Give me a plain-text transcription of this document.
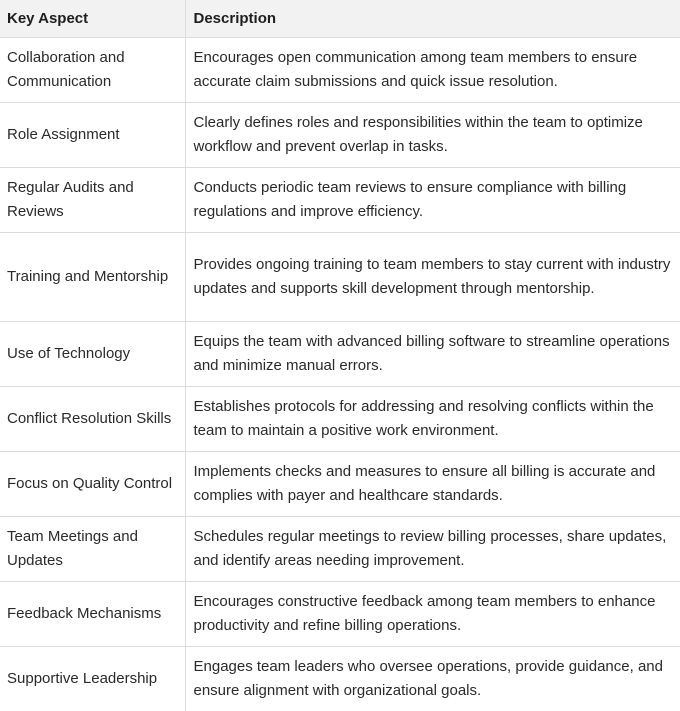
Key Aspect	Description
Collaboration and Communication	Encourages open communication among team members to ensure accurate claim submissions and quick issue resolution.
Role Assignment	Clearly defines roles and responsibilities within the team to optimize workflow and prevent overlap in tasks.
Regular Audits and Reviews	Conducts periodic team reviews to ensure compliance with billing regulations and improve efficiency.
Training and Mentorship	Provides ongoing training to team members to stay current with industry updates and supports skill development through mentorship.
Use of Technology	Equips the team with advanced billing software to streamline operations and minimize manual errors.
Conflict Resolution Skills	Establishes protocols for addressing and resolving conflicts within the team to maintain a positive work environment.
Focus on Quality Control	Implements checks and measures to ensure all billing is accurate and complies with payer and healthcare standards.
Team Meetings and Updates	Schedules regular meetings to review billing processes, share updates, and identify areas needing improvement.
Feedback Mechanisms	Encourages constructive feedback among team members to enhance productivity and refine billing operations.
Supportive Leadership	Engages team leaders who oversee operations, provide guidance, and ensure alignment with organizational goals.
